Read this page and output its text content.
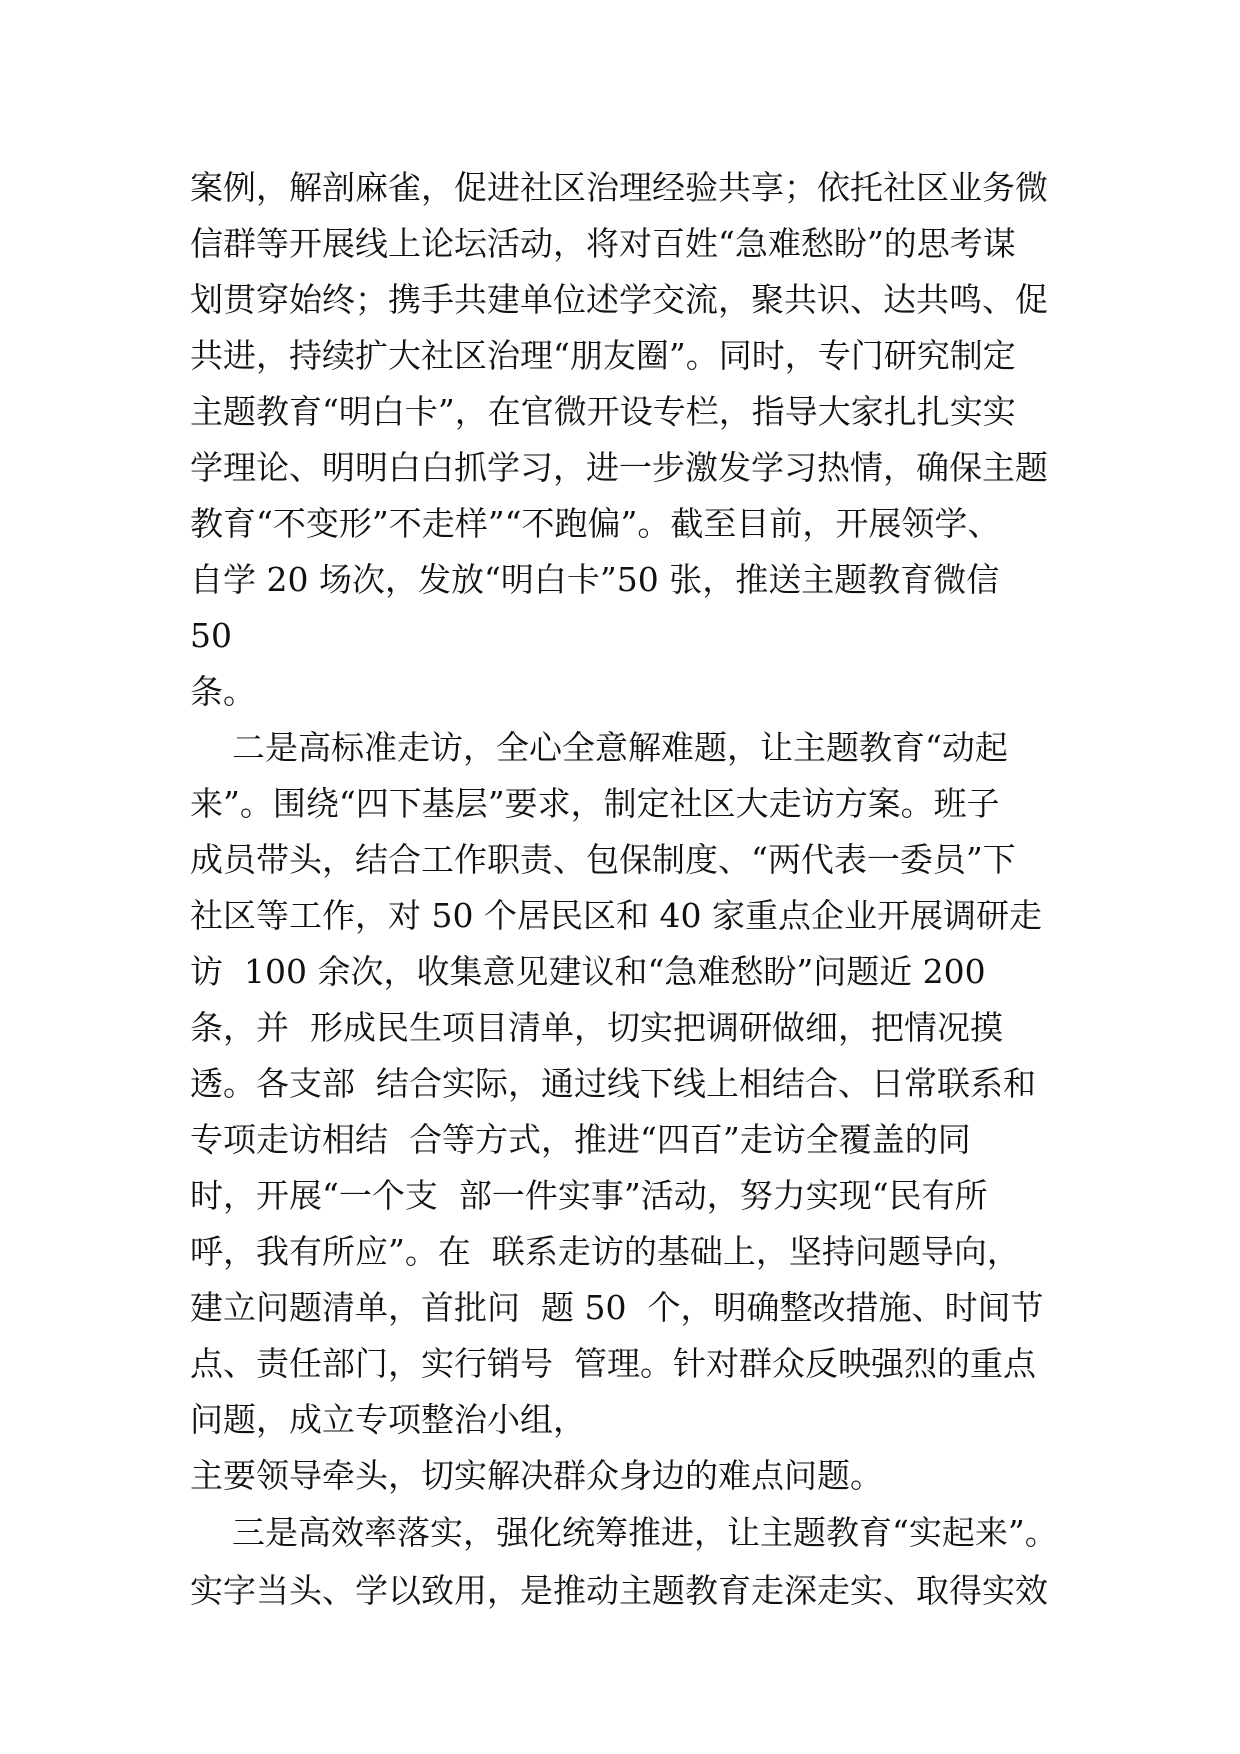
案例，解剖麻雀，促进社区治理经验共享；依托社区业务微
信群等开展线上论坛活动，将对百姓“急难愁盼”的思考谋
划贯穿始终；携手共建单位述学交流，聚共识、达共鸣、促
共进，持续扩大社区治理“朋友圈”。同时，专门研究制定
主题教育“明白卡”，在官微开设专栏，指导大家扎扎实实
学理论、明明白白抓学习，进一步激发学习热情，确保主题
教育“不变形”不走样”“不跑偏”。截至目前，开展领学、
自学 20 场次，发放“明白卡”50 张，推送主题教育微信
50
条。
二是高标准走访，全心全意解难题，让主题教育“动起
来”。围绕“四下基层”要求，制定社区大走访方案。班子
成员带头，结合工作职责、包保制度、“两代表一委员”下
社区等工作，对 50 个居民区和 40 家重点企业开展调研走
访  100 余次，收集意见建议和“急难愁盼”问题近 200
条，并  形成民生项目清单，切实把调研做细，把情况摸
透。各支部  结合实际，通过线下线上相结合、日常联系和
专项走访相结  合等方式，推进“四百”走访全覆盖的同
时，开展“一个支  部一件实事”活动，努力实现“民有所
呼，我有所应”。在  联系走访的基础上，坚持问题导向，
建立问题清单，首批问  题 50  个，明确整改措施、时间节
点、责任部门，实行销号  管理。针对群众反映强烈的重点
问题，成立专项整治小组，
主要领导牵头，切实解决群众身边的难点问题。
三是高效率落实，强化统筹推进，让主题教育“实起来”。
实字当头、学以致用，是推动主题教育走深走实、取得实效
